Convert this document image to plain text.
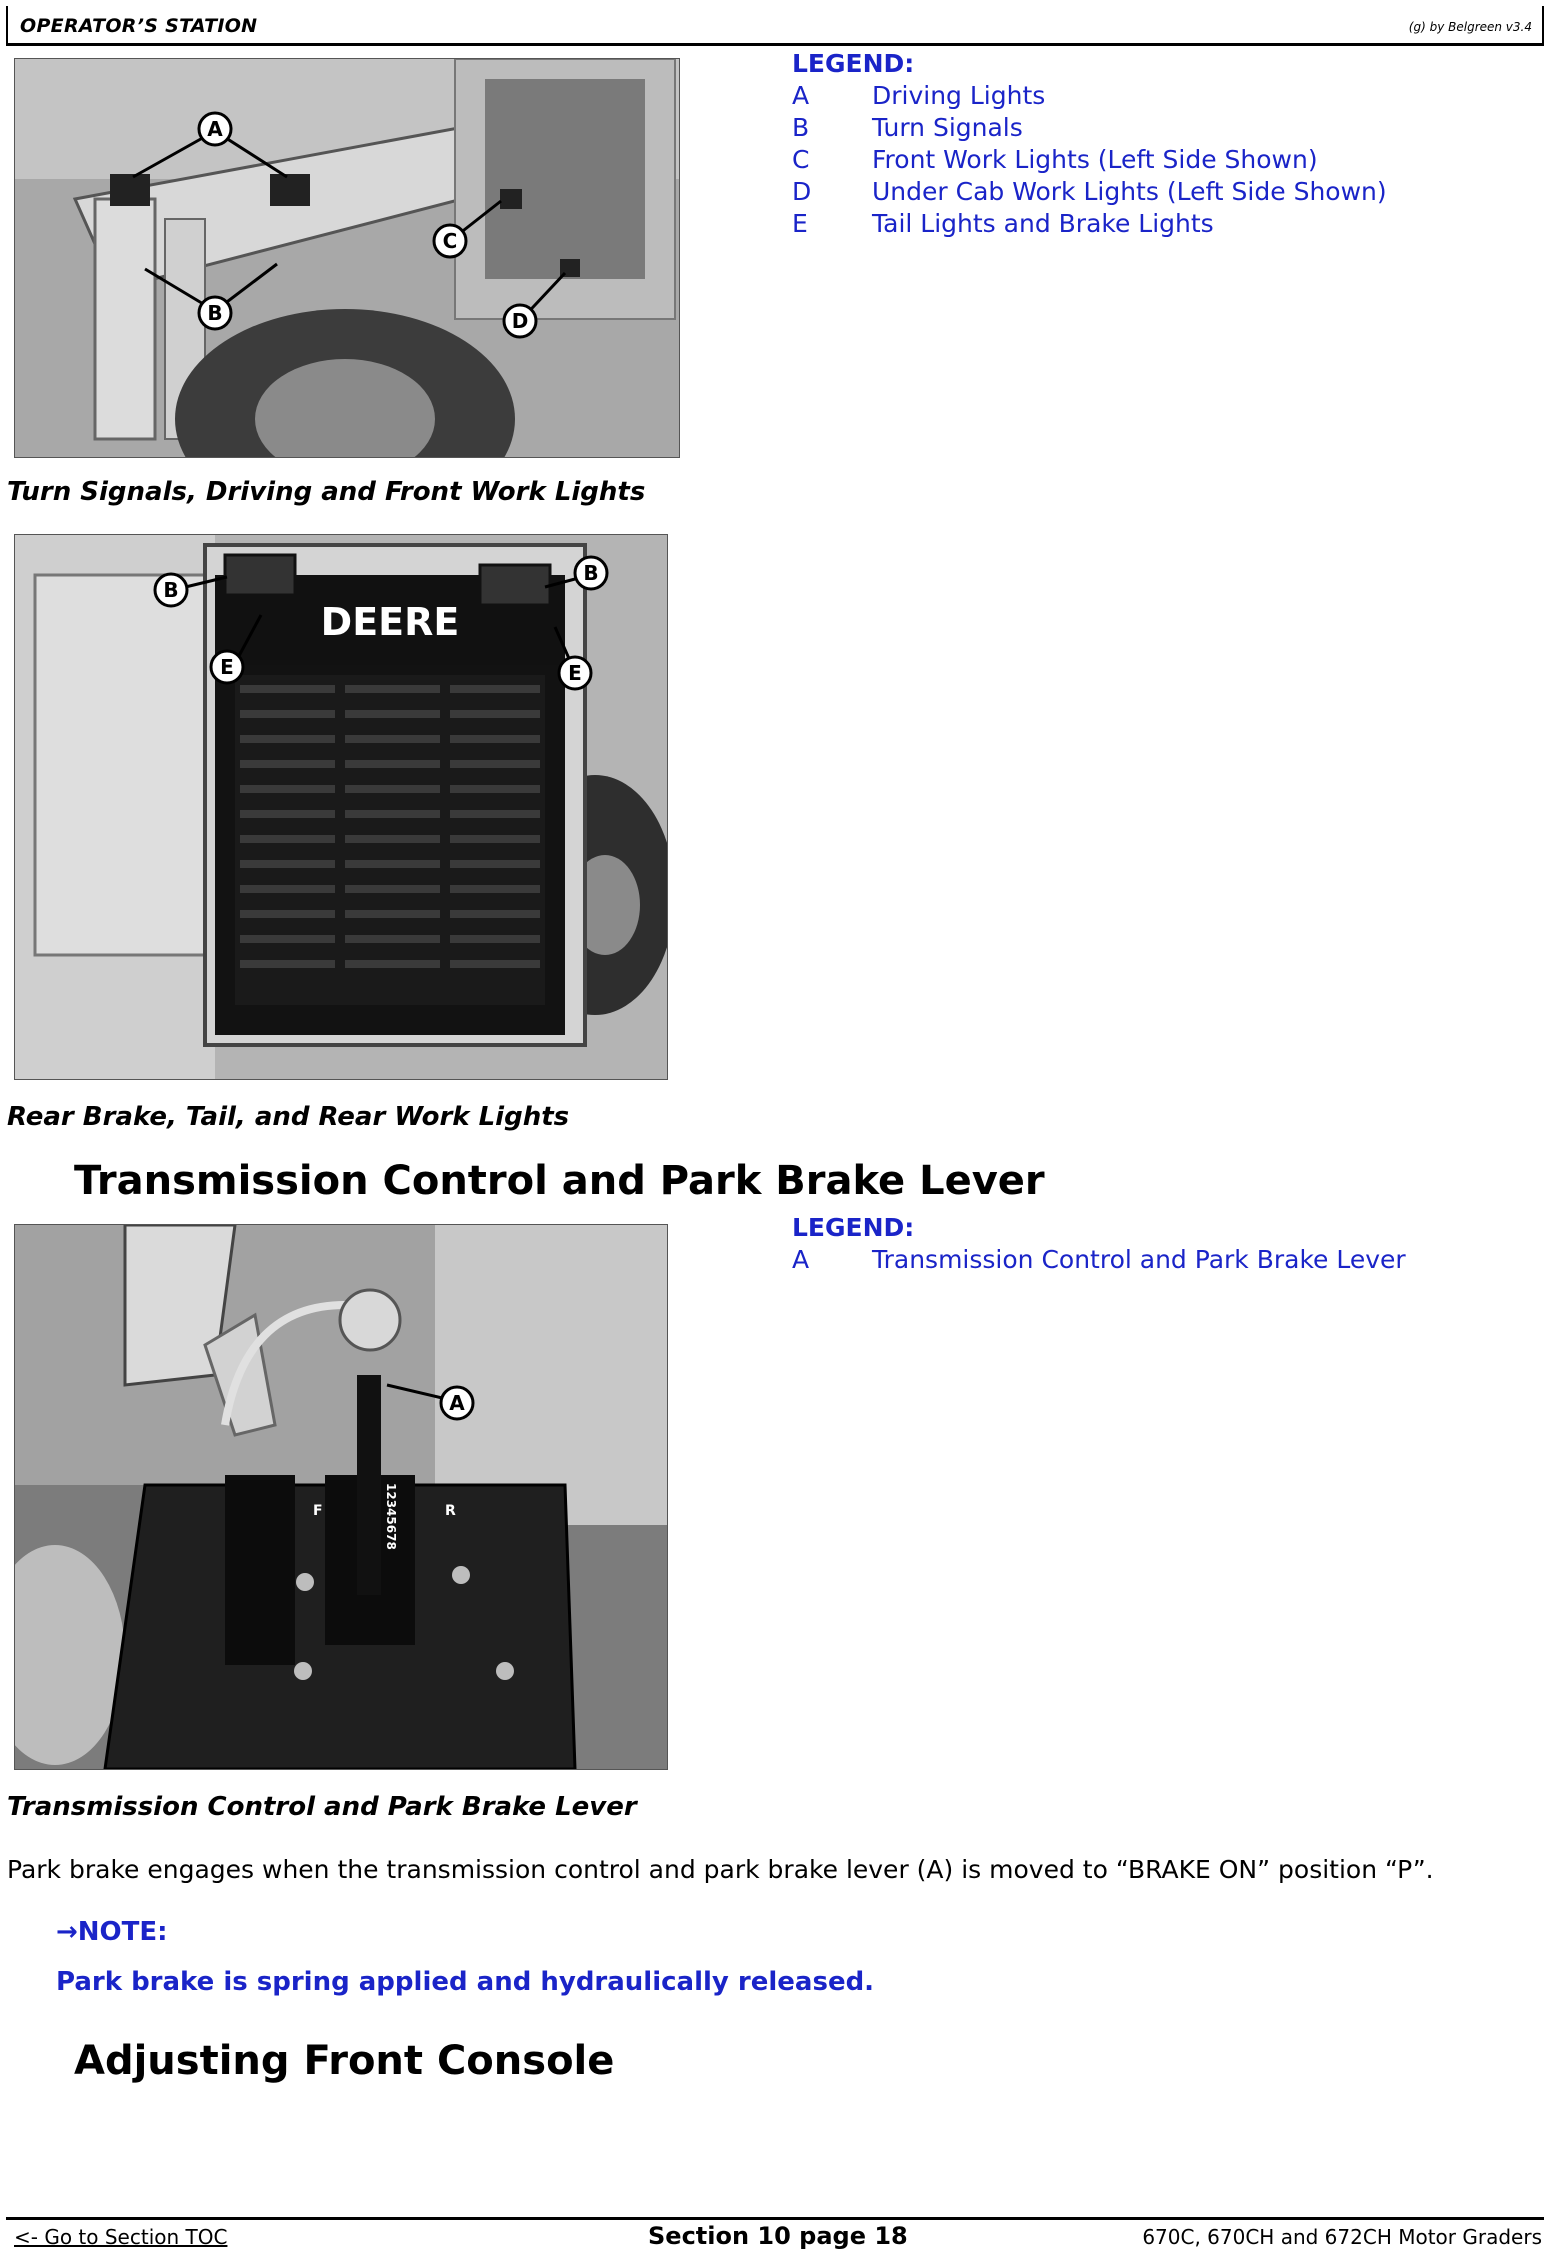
OPERATOR’S STATION	(g) by Belgreen v3.4
A
B
C
D
LEGEND:
A	Driving Lights
B	Turn Signals
C	Front Work Lights (Left Side Shown)
D	Under Cab Work Lights (Left Side Shown)
E	Tail Lights and Brake Lights
Turn Signals, Driving and Front Work Lights
DEERE
B
B
E	E
Rear Brake, Tail, and Rear Work Lights
Transmission Control and Park Brake Lever
F	R
12345678
A
LEGEND:
A	Transmission Control and Park Brake Lever
Transmission Control and Park Brake Lever
Park brake engages when the transmission control and park brake lever (A) is moved to “BRAKE ON” position “P”.
→NOTE:
Park brake is spring applied and hydraulically released.
Adjusting Front Console
<- Go to Section TOC	Section 10 page 18	670C, 670CH and 672CH Motor Graders
